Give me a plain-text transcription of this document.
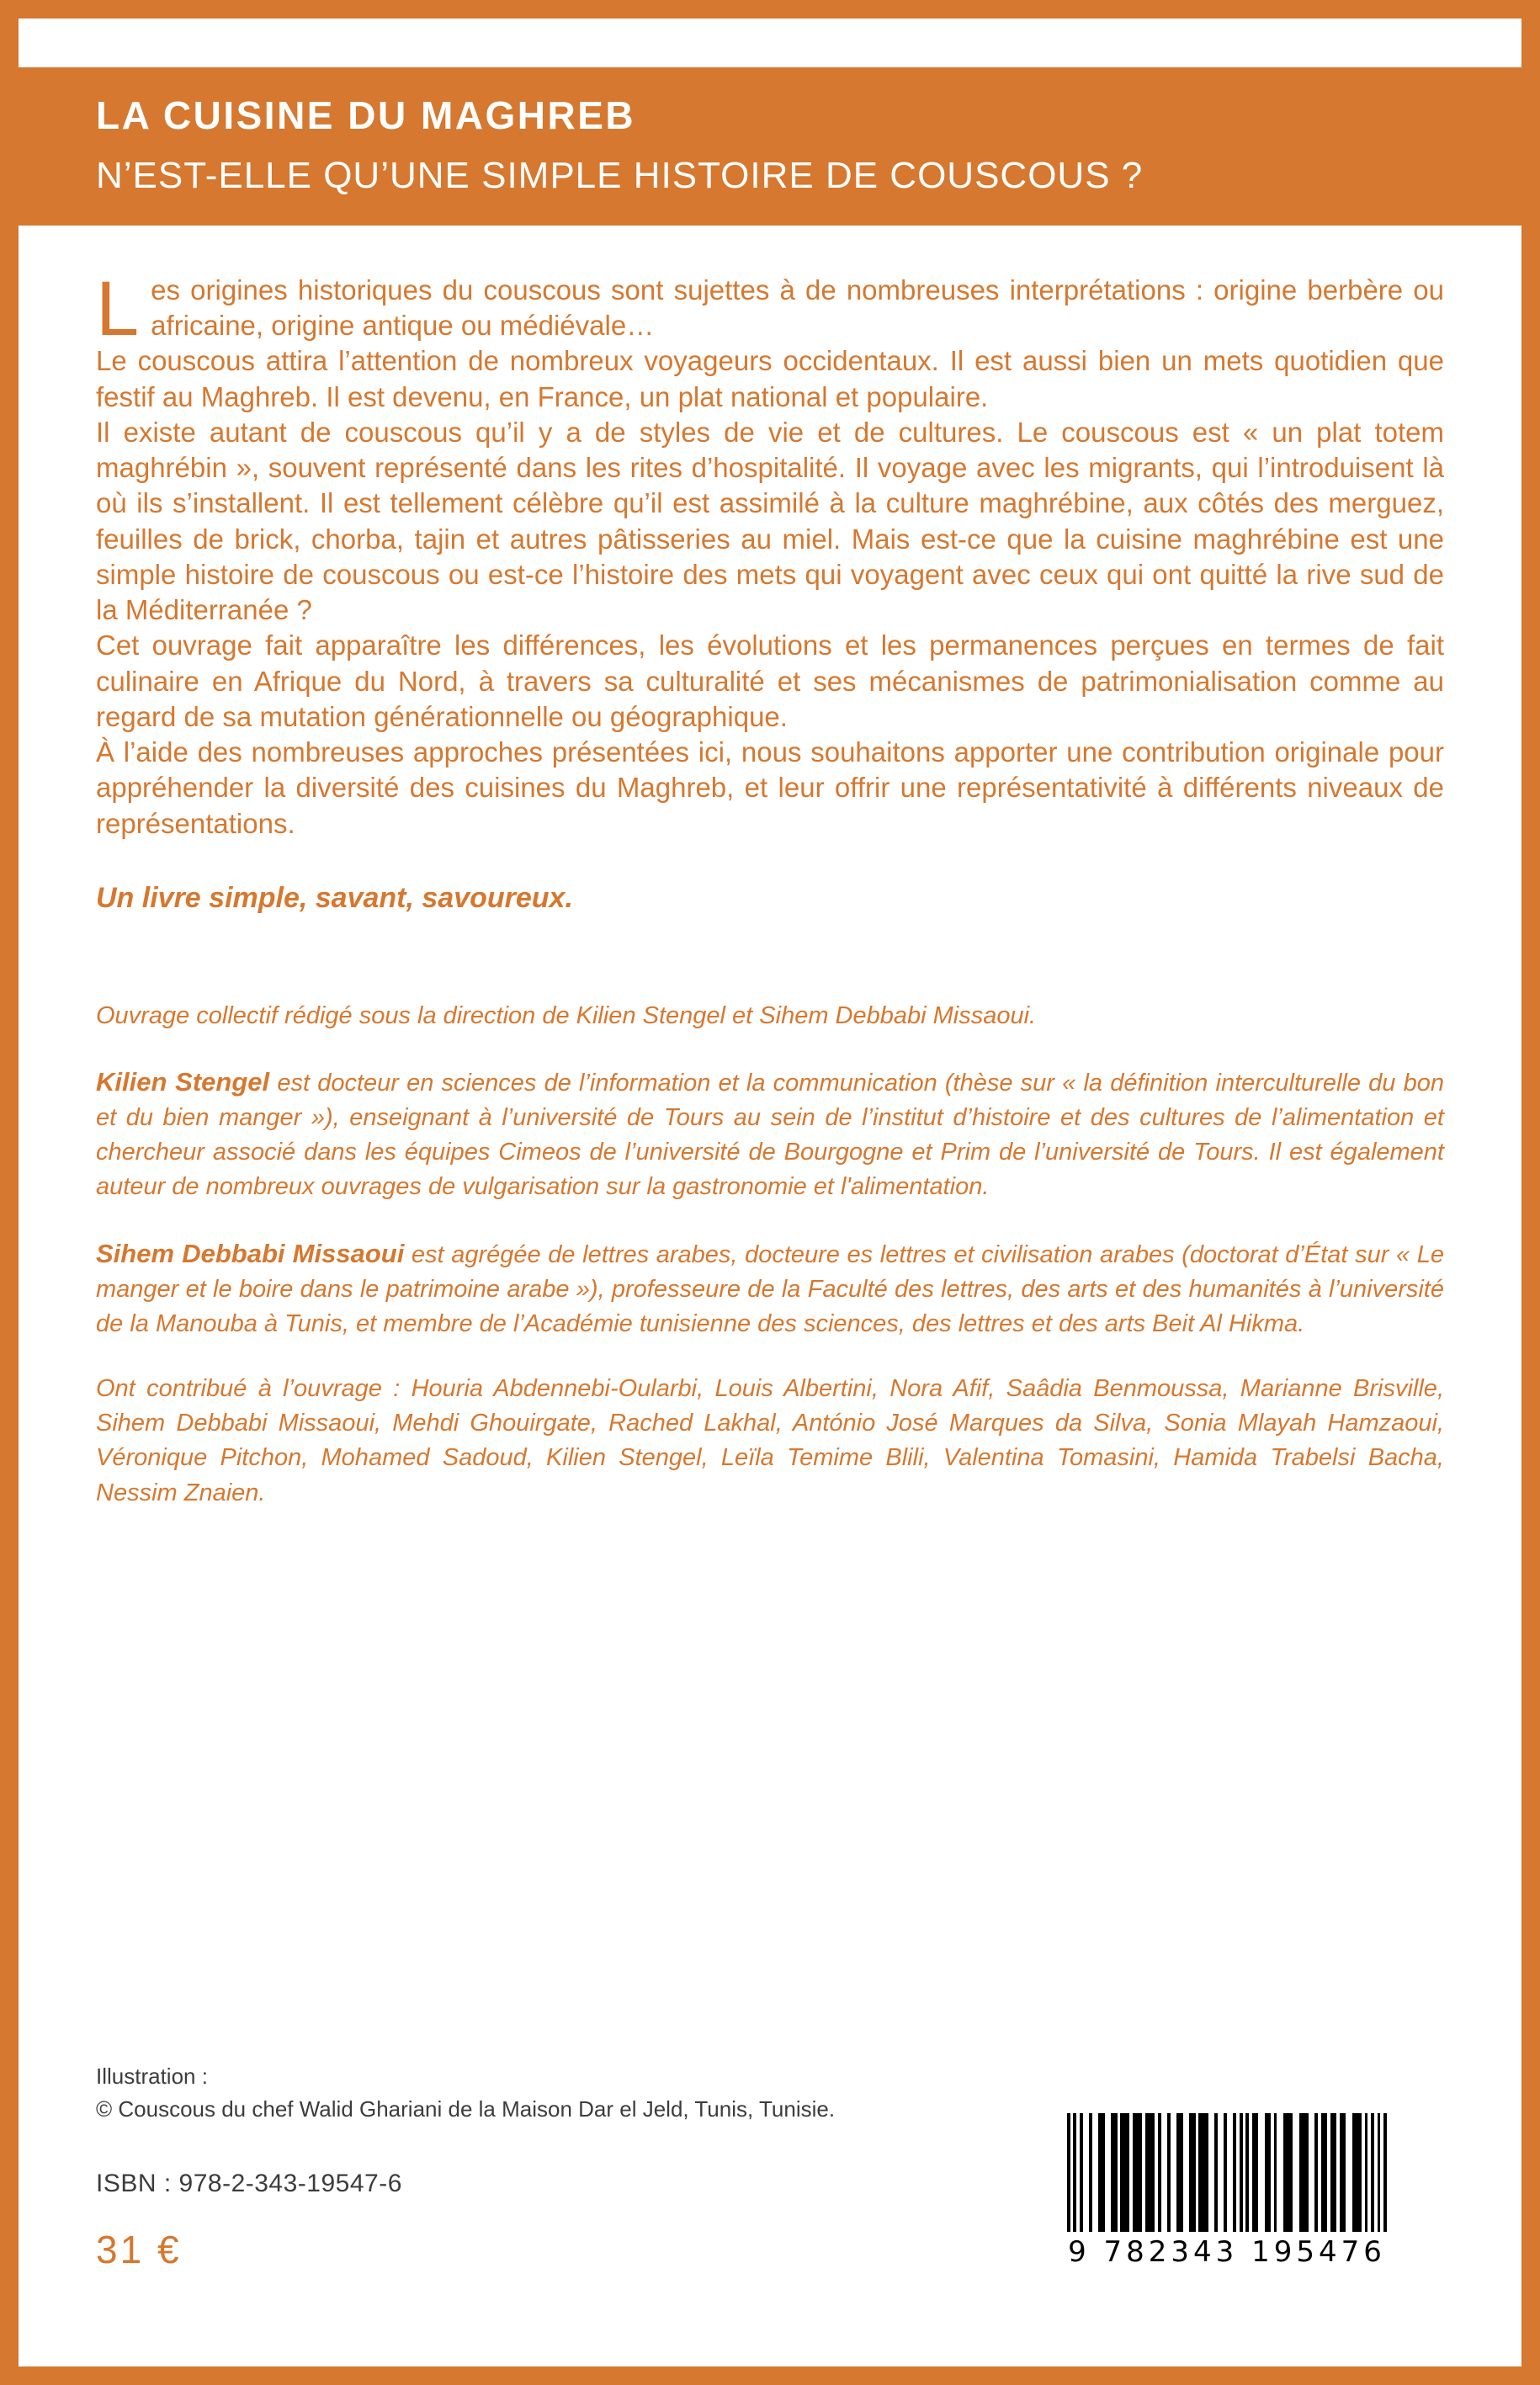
LA CUISINE DU MAGHREB
N’EST-ELLE QU’UNE SIMPLE HISTOIRE DE COUSCOUS ?

Les origines historiques du couscous sont sujettes à de nombreuses interprétations : origine berbère ou africaine, origine antique ou médiévale…

Le couscous attira l’attention de nombreux voyageurs occidentaux. Il est aussi bien un mets quotidien que festif au Maghreb. Il est devenu, en France, un plat national et populaire.

Il existe autant de couscous qu’il y a de styles de vie et de cultures. Le couscous est « un plat totem maghrébin », souvent représenté dans les rites d’hospitalité. Il voyage avec les migrants, qui l’introduisent là où ils s’installent. Il est tellement célèbre qu’il est assimilé à la culture maghrébine, aux côtés des merguez, feuilles de brick, chorba, tajin et autres pâtisseries au miel. Mais est-ce que la cuisine maghrébine est une simple histoire de couscous ou est-ce l’histoire des mets qui voyagent avec ceux qui ont quitté la rive sud de la Méditerranée ?

Cet ouvrage fait apparaître les différences, les évolutions et les permanences perçues en termes de fait culinaire en Afrique du Nord, à travers sa culturalité et ses mécanismes de patrimonialisation comme au regard de sa mutation générationnelle ou géographique.

À l’aide des nombreuses approches présentées ici, nous souhaitons apporter une contribution originale pour appréhender la diversité des cuisines du Maghreb, et leur offrir une représentativité à différents niveaux de représentations.

Un livre simple, savant, savoureux.

Ouvrage collectif rédigé sous la direction de Kilien Stengel et Sihem Debbabi Missaoui.

Kilien Stengel est docteur en sciences de l’information et la communication (thèse sur « la définition interculturelle du bon et du bien manger »), enseignant à l’université de Tours au sein de l’institut d’histoire et des cultures de l’alimentation et chercheur associé dans les équipes Cimeos de l’université de Bourgogne et Prim de l’université de Tours. Il est également auteur de nombreux ouvrages de vulgarisation sur la gastronomie et l'alimentation.

Sihem Debbabi Missaoui est agrégée de lettres arabes, docteure es lettres et civilisation arabes (doctorat d’État sur « Le manger et le boire dans le patrimoine arabe »), professeure de la Faculté des lettres, des arts et des humanités à l’université de la Manouba à Tunis, et membre de l’Académie tunisienne des sciences, des lettres et des arts Beit Al Hikma.

Ont contribué à l’ouvrage : Houria Abdennebi-Oularbi, Louis Albertini, Nora Afif, Saâdia Benmoussa, Marianne Brisville, Sihem Debbabi Missaoui, Mehdi Ghouirgate, Rached Lakhal, António José Marques da Silva, Sonia Mlayah Hamzaoui, Véronique Pitchon, Mohamed Sadoud, Kilien Stengel, Leïla Temime Blili, Valentina Tomasini, Hamida Trabelsi Bacha, Nessim Znaien.

Illustration :
© Couscous du chef Walid Ghariani de la Maison Dar el Jeld, Tunis, Tunisie.
ISBN : 978-2-343-19547-6
31 €	9 782343 195476
